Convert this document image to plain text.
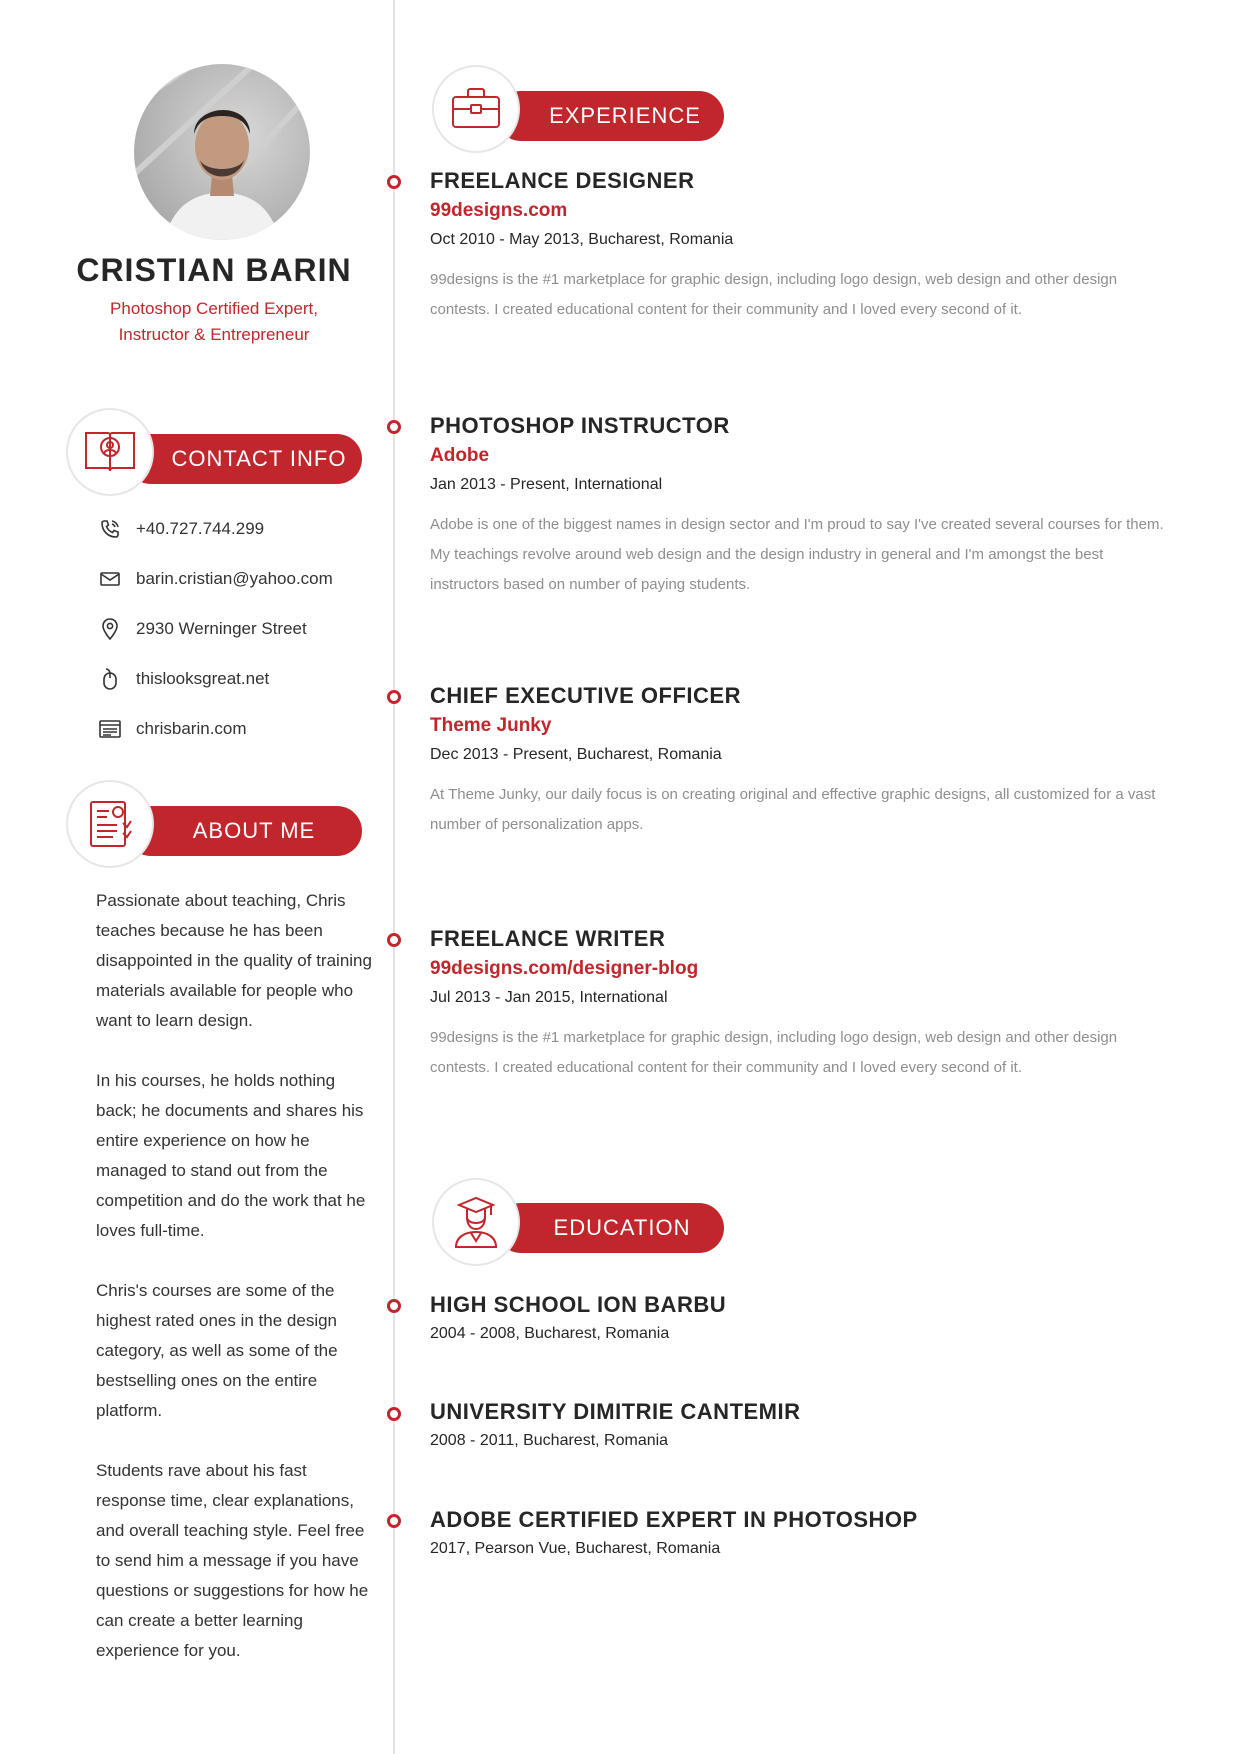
CRISTIAN BARIN
Photoshop Certified Expert,
Instructor & Entrepreneur
CONTACT INFO
+40.727.744.299
barin.cristian@yahoo.com
2930 Werninger Street
thislooksgreat.net
chrisbarin.com
ABOUT ME

Passionate about teaching, Chris teaches because he has been disappointed in the quality of training materials available for people who want to learn design.

In his courses, he holds nothing back; he documents and shares his entire experience on how he managed to stand out from the competition and do the work that he loves full-time.

Chris's courses are some of the highest rated ones in the design category, as well as some of the bestselling ones on the entire platform.

Students rave about his fast response time, clear explanations, and overall teaching style. Feel free to send him a message if you have questions or suggestions for how he can create a better learning experience for you.

EXPERIENCE
FREELANCE DESIGNER
99designs.com
Oct 2010 - May 2013, Bucharest, Romania
99designs is the #1 marketplace for graphic design, including logo design, web design and other design contests. I created educational content for their community and I loved every second of it.
PHOTOSHOP INSTRUCTOR
Adobe
Jan 2013 - Present, International
Adobe is one of the biggest names in design sector and I'm proud to say I've created several courses for them. My teachings revolve around web design and the design industry in general and I'm amongst the best instructors based on number of paying students.
CHIEF EXECUTIVE OFFICER
Theme Junky
Dec 2013 - Present, Bucharest, Romania
At Theme Junky, our daily focus is on creating original and effective graphic designs, all customized for a vast number of personalization apps.
FREELANCE WRITER
99designs.com/designer-blog
Jul 2013 - Jan 2015, International
99designs is the #1 marketplace for graphic design, including logo design, web design and other design contests. I created educational content for their community and I loved every second of it.
EDUCATION
HIGH SCHOOL ION BARBU
2004 - 2008, Bucharest, Romania
UNIVERSITY DIMITRIE CANTEMIR
2008 - 2011, Bucharest, Romania
ADOBE CERTIFIED EXPERT IN PHOTOSHOP
2017, Pearson Vue, Bucharest, Romania
